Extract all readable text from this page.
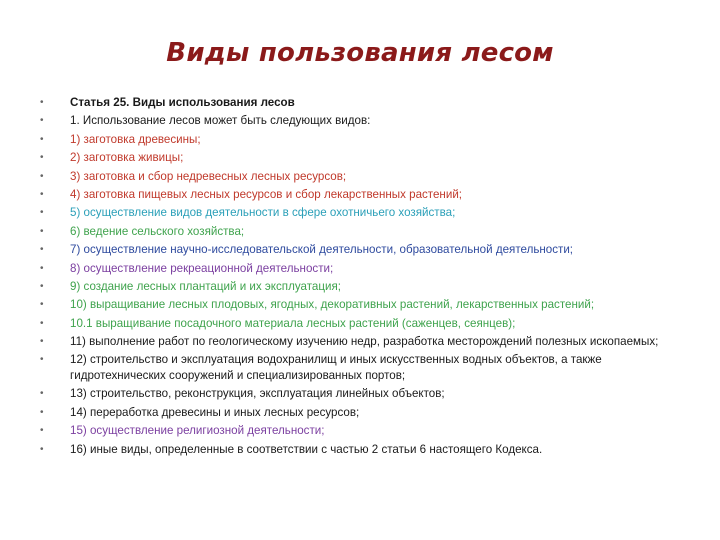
Виды пользования лесом
• Статья 25. Виды использования лесов
• 1. Использование лесов может быть следующих видов:
• 1) заготовка древесины;
• 2) заготовка живицы;
• 3) заготовка и сбор недревесных лесных ресурсов;
• 4) заготовка пищевых лесных ресурсов и сбор лекарственных растений;
• 5) осуществление видов деятельности в сфере охотничьего хозяйства;
• 6) ведение сельского хозяйства;
• 7) осуществление научно-исследовательской деятельности, образовательной деятельности;
• 8) осуществление рекреационной деятельности;
• 9) создание лесных плантаций и их эксплуатация;
• 10) выращивание лесных плодовых, ягодных, декоративных растений, лекарственных растений;
• 10.1 выращивание посадочного материала лесных растений (саженцев, сеянцев);
• 11) выполнение работ по геологическому изучению недр, разработка месторождений полезных ископаемых;
• 12) строительство и эксплуатация водохранилищ и иных искусственных водных объектов, а также гидротехнических сооружений и специализированных портов;
• 13) строительство, реконструкция, эксплуатация линейных объектов;
• 14) переработка древесины и иных лесных ресурсов;
• 15) осуществление религиозной деятельности;
• 16) иные виды, определенные в соответствии с частью 2 статьи 6 настоящего Кодекса.
